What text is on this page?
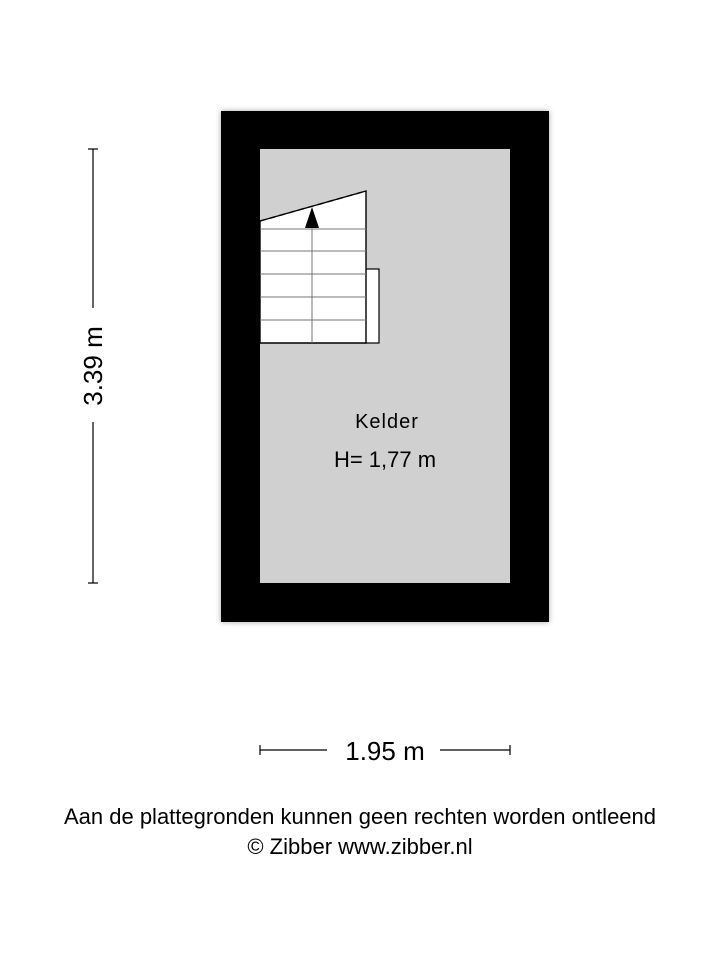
Kelder
H= 1,77 m
3.39 m
1.95 m
Aan de plattegronden kunnen geen rechten worden ontleend
© Zibber www.zibber.nl
